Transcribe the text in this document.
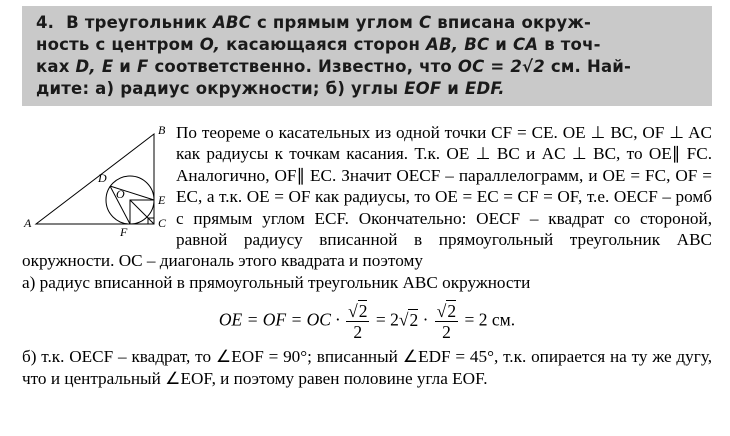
4. В треугольник ABC с прямым углом C вписана окруж-
ность с центром O, касающаяся сторон AB, BC и CA в точ-
ках D, E и F соответственно. Известно, что OC = 2√2 см. Най-
дите: а) радиус окружности; б) углы EOF и EDF.
A
B
C
D
E
F
O

По теореме о касательных из одной точки CF = CE. OE ⊥ BC, OF ⊥ AC как радиусы к точкам касания. Т.к. OE ⊥ BC и AC ⊥ BC, то OE∥ FC. Аналогично, OF∥ EC. Значит OECF – параллелограмм, и OE = FC, OF = EC, а т.к. OE = OF как радиусы, то OE = EC = CF = OF, т.е. OECF – ромб с прямым углом ECF. Окончательно: OECF – квадрат со стороной, равной радиусу вписанной в прямоугольный треугольник ABC окружности. OC – диагональ этого квадрата и поэтому

а) радиус вписанной в прямоугольный треугольник ABC окружности

OE = OF = OC · $\frac{√2}{2} = 2√2 \cdot \frac{√2}{2} = 2$ см.

б) т.к. OECF – квадрат, то ∠EOF = 90°; вписанный ∠EDF = 45°, т.к. опирается на ту же дугу, что и центральный ∠EOF, и поэтому равен половине угла EOF.
